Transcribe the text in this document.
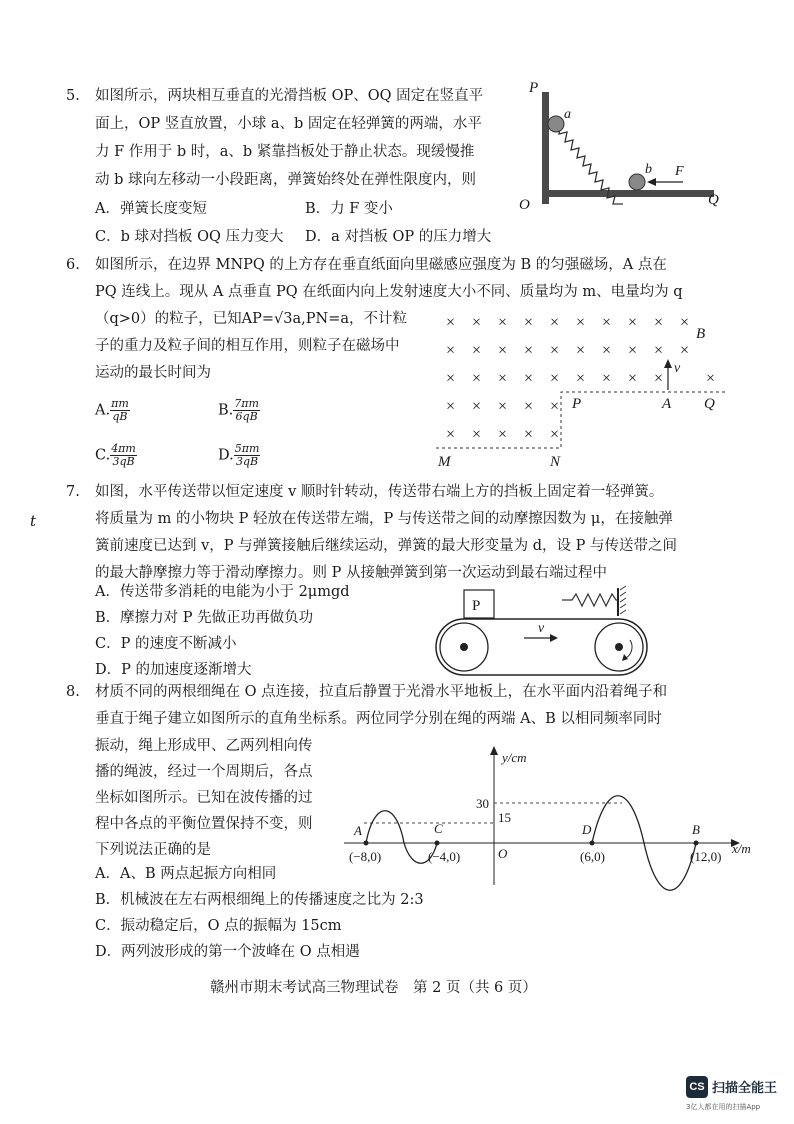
5. 如图所示，两块相互垂直的光滑挡板 OP、OQ 固定在竖直平
面上，OP 竖直放置，小球 a、b 固定在轻弹簧的两端，水平
力 F 作用于 b 时，a、b 紧靠挡板处于静止状态。现缓慢推
动 b 球向左移动一小段距离，弹簧始终处在弹性限度内，则
A．弹簧长度变短	B．力 F 变小
C．b 球对挡板 OQ 压力变大 D．a 对挡板 OP 的压力增大
P
O	Q
a
b F
6. 如图所示，在边界 MNPQ 的上方存在垂直纸面向里磁感应强度为 B 的匀强磁场，A 点在
PQ 连线上。现从 A 点垂直 PQ 在纸面内向上发射速度大小不同、质量均为 m、电量均为 q
（q>0）的粒子，已知AP=√3a,PN=a，不计粒
子的重力及粒子间的相互作用，则粒子在磁场中
运动的最长时间为
A. $\frac{\pi m}{qB}$	B. $\frac{7\pi m}{6qB}$
C. $\frac{4\pi m}{3qB}$	D. $\frac{5\pi m}{3qB}$
× × × × × × × × × ×
× × × × × × × × × ×
× × × × × × × × ×	×
× × × × ×
× × × × ×
v
B
P	A Q
M	N
t
7. 如图，水平传送带以恒定速度 v 顺时针转动，传送带右端上方的挡板上固定着一轻弹簧。
将质量为 m 的小物块 P 轻放在传送带左端，P 与传送带之间的动摩擦因数为 μ，在接触弹
簧前速度已达到 v，P 与弹簧接触后继续运动，弹簧的最大形变量为 d，设 P 与传送带之间
的最大静摩擦力等于滑动摩擦力。则 P 从接触弹簧到第一次运动到最右端过程中
A．传送带多消耗的电能为小于 2μmgd
B．摩擦力对 P 先做正功再做负功
C．P 的速度不断减小
D．P 的加速度逐渐增大
P
v
8. 材质不同的两根细绳在 O 点连接，拉直后静置于光滑水平地板上，在水平面内沿着绳子和
垂直于绳子建立如图所示的直角坐标系。两位同学分别在绳的两端 A、B 以相同频率同时
振动，绳上形成甲、乙两列相向传
播的绳波，经过一个周期后，各点
坐标如图所示。已知在波传播的过
程中各点的平衡位置保持不变，则
下列说法正确的是
A．A、B 两点起振方向相同
B．机械波在左右两根细绳上的传播速度之比为 2:3
C．振动稳定后，O 点的振幅为 15cm
D．两列波形成的第一个波峰在 O 点相遇
y/cm
x/m
30
15
A	C
O
D	B
(−8,0)	(−4,0)	(6,0)	(12,0)
赣州市期末考试高三物理试卷　第 2 页（共 6 页）
CS 扫描全能王
3亿人都在用的扫描App
